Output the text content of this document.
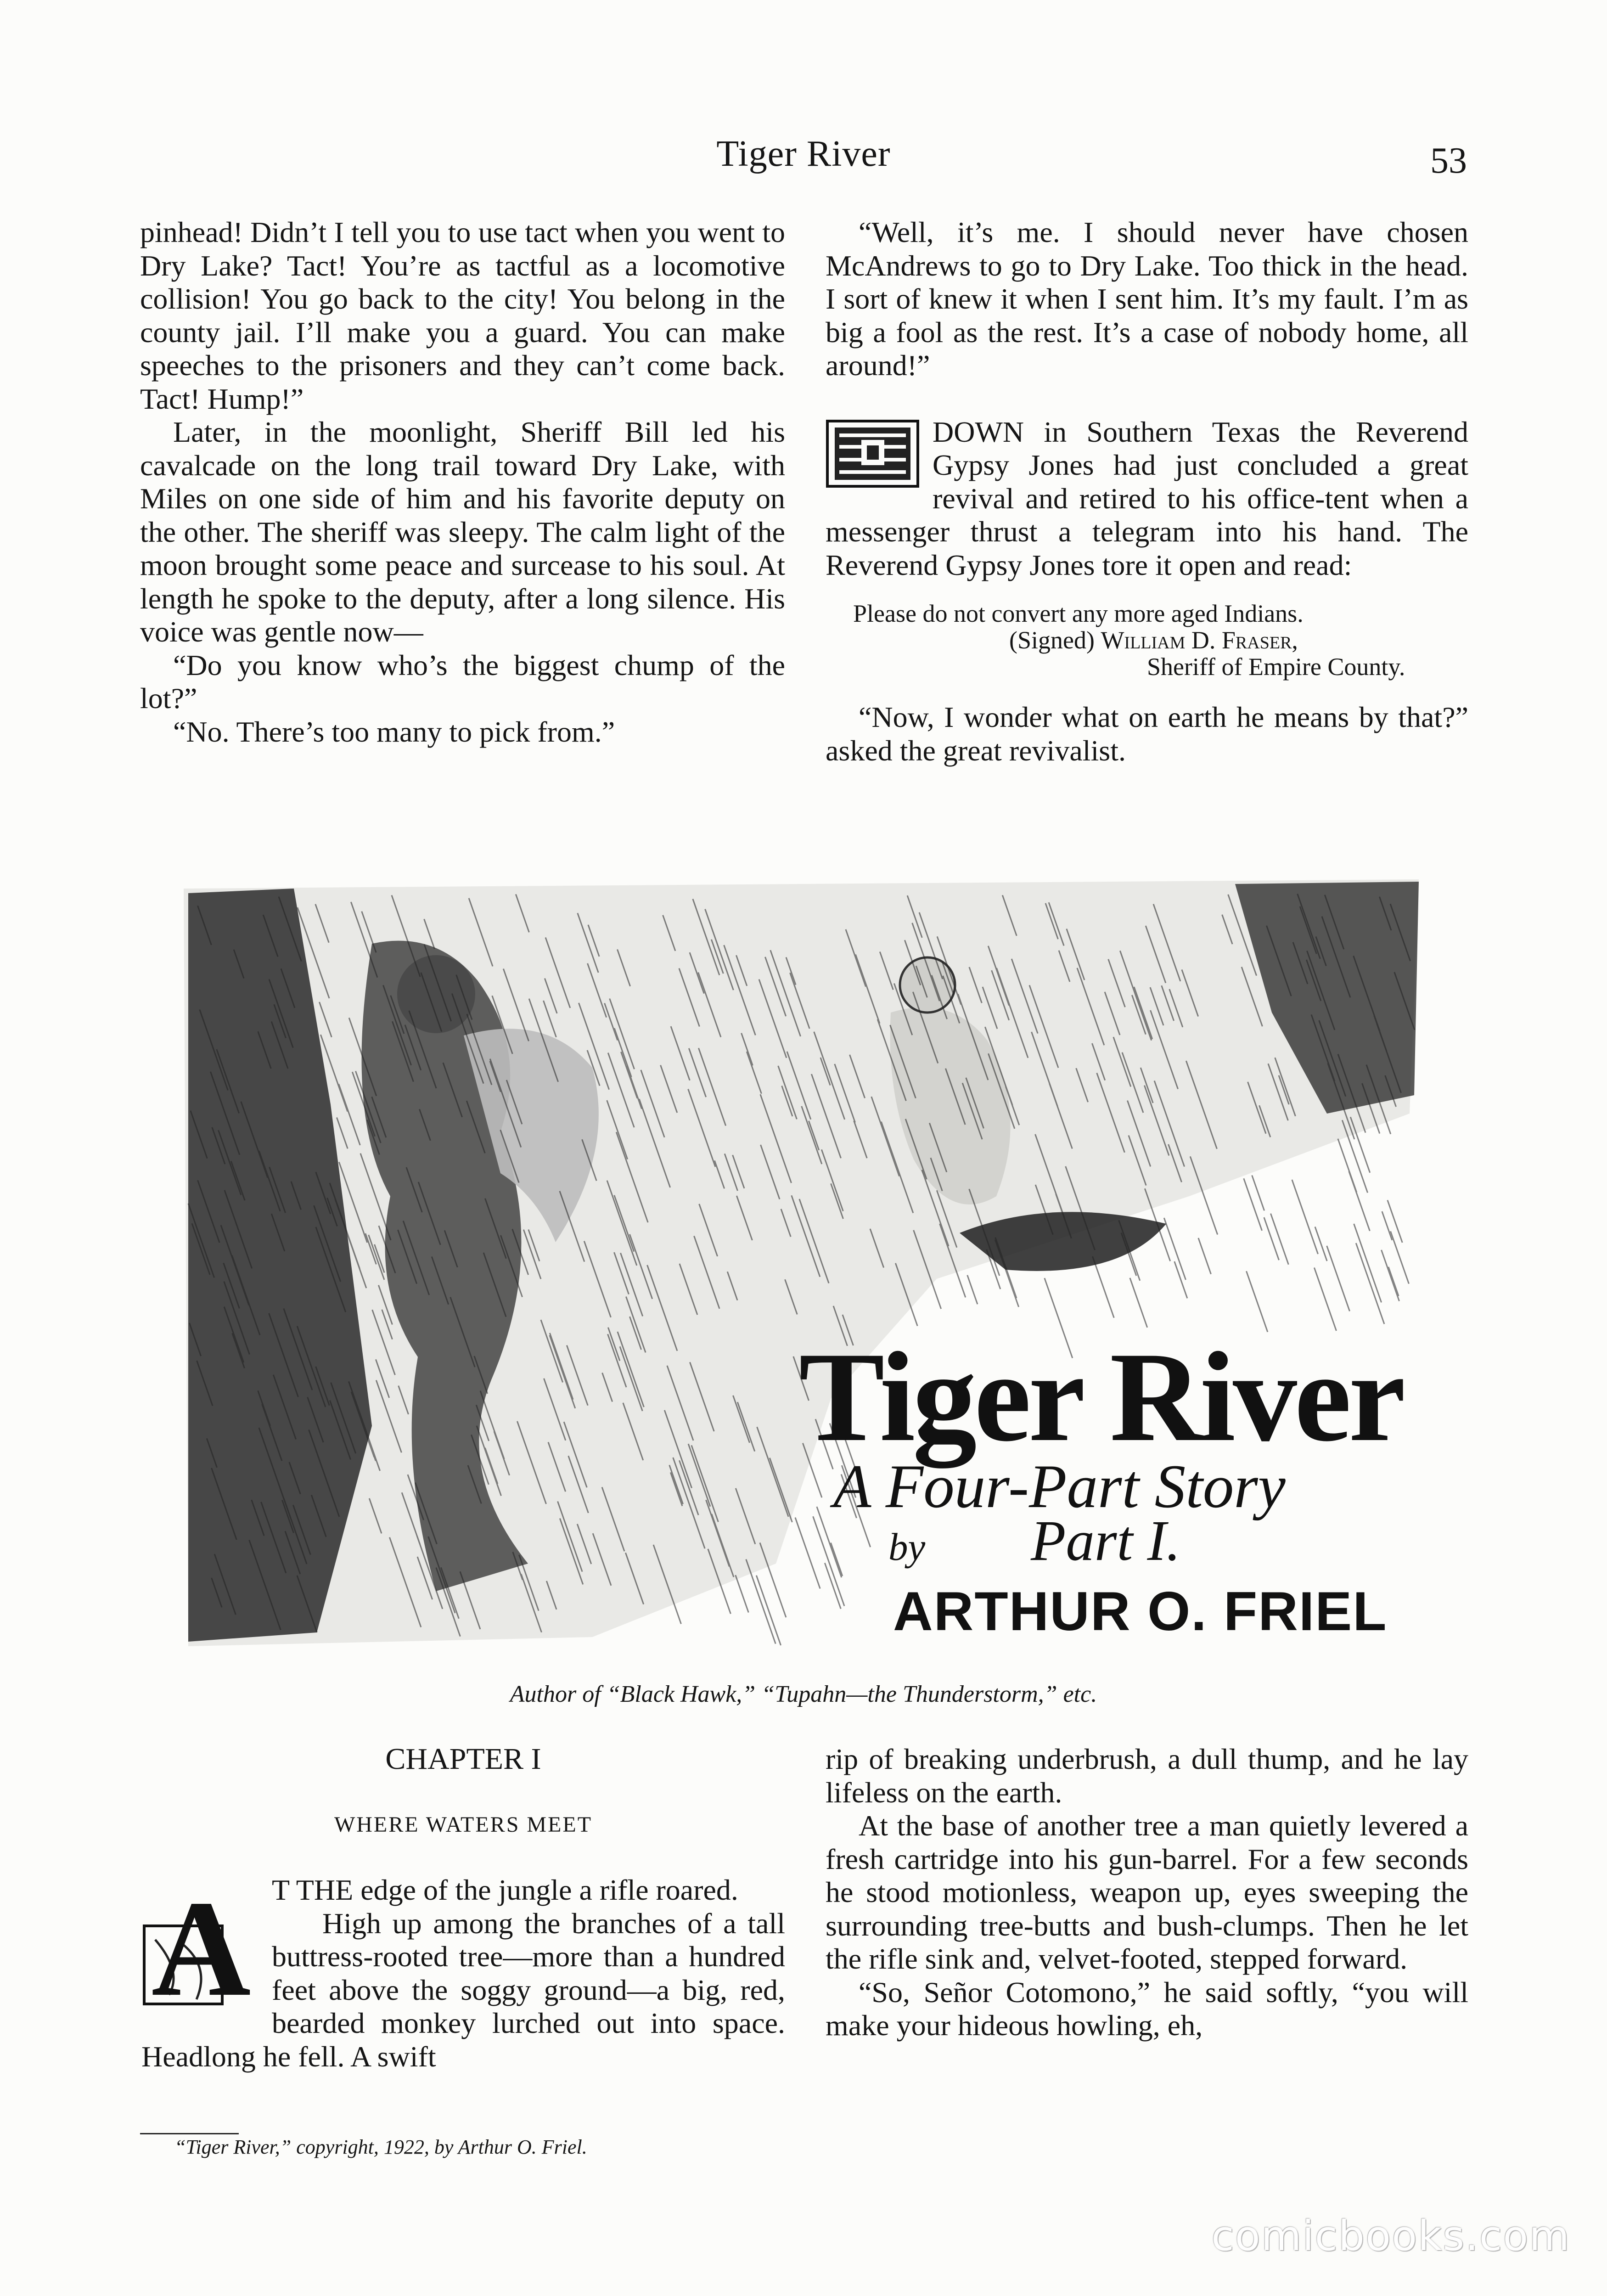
Tiger River	53

pinhead! Didn’t I tell you to use tact when you went to Dry Lake? Tact! You’re as tactful as a locomotive collision! You go back to the city! You belong in the county jail. I’ll make you a guard. You can make speeches to the prisoners and they can’t come back. Tact! Hump!”

Later, in the moonlight, Sheriff Bill led his cavalcade on the long trail toward Dry Lake, with Miles on one side of him and his favorite deputy on the other. The sheriff was sleepy. The calm light of the moon brought some peace and surcease to his soul. At length he spoke to the deputy, after a long silence. His voice was gentle now—

“Do you know who’s the biggest chump of the lot?”

“No. There’s too many to pick from.”

“Well, it’s me. I should never have chosen McAndrews to go to Dry Lake. Too thick in the head. I sort of knew it when I sent him. It’s my fault. I’m as big a fool as the rest. It’s a case of nobody home, all around!”

DOWN in Southern Texas the Reverend Gypsy Jones had just concluded a great revival and retired to his office-tent when a messenger thrust a telegram into his hand. The Reverend Gypsy Jones tore it open and read:

Please do not convert any more aged Indians.
(Signed) William D. Fraser,
Sheriff of Empire County.

“Now, I wonder what on earth he means by that?” asked the great revivalist.

Tiger River
A Four-Part Story
by Part I.
ARTHUR O. FRIEL
Author of “Black Hawk,” “Tupahn—the Thunderstorm,” etc.
CHAPTER I
WHERE WATERS MEET

A T THE edge of the jungle a rifle roared.

High up among the branches of a tall buttress-rooted tree—more than a hundred feet above the soggy ground—a big, red, bearded monkey lurched out into space. Headlong he fell. A swift

rip of breaking underbrush, a dull thump, and he lay lifeless on the earth.

At the base of another tree a man quietly levered a fresh cartridge into his gun-barrel. For a few seconds he stood motionless, weapon up, eyes sweeping the surrounding tree-butts and bush-clumps. Then he let the rifle sink and, velvet-footed, stepped forward.

“So, Señor Cotomono,” he said softly, “you will make your hideous howling, eh,

“Tiger River,” copyright, 1922, by Arthur O. Friel.
comicbooks.com
